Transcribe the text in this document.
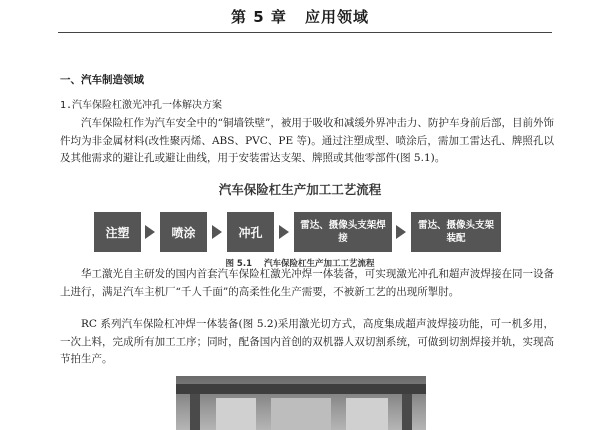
第 5 章 应用领域
一、汽车制造领域
1.汽车保险杠激光冲孔一体解决方案

汽车保险杠作为汽车安全中的“铜墙铁壁”，被用于吸收和减缓外界冲击力、防护车身前后部，目前外饰件均为非金属材料(改性聚丙烯、ABS、PVC、PE 等)。通过注塑成型、喷涂后，需加工雷达孔、牌照孔以及其他需求的避让孔或避让曲线，用于安装雷达支架、牌照或其他零部件(图 5.1)。

汽车保险杠生产加工工艺流程
注塑	喷涂	冲孔	雷达、摄像头支架焊接
雷达、摄像头支架装配
图 5.1 汽车保险杠生产加工工艺流程

华工激光自主研发的国内首套汽车保险杠激光冲焊一体装备，可实现激光冲孔和超声波焊接在同一设备上进行，满足汽车主机厂“千人千面”的高柔性化生产需要，不被新工艺的出现所掣肘。

RC 系列汽车保险杠冲焊一体装备(图 5.2)采用激光切方式，高度集成超声波焊接功能，可一机多用，一次上料，完成所有加工工序；同时，配备国内首创的双机器人双切割系统，可做到切割焊接并轨，实现高节拍生产。
